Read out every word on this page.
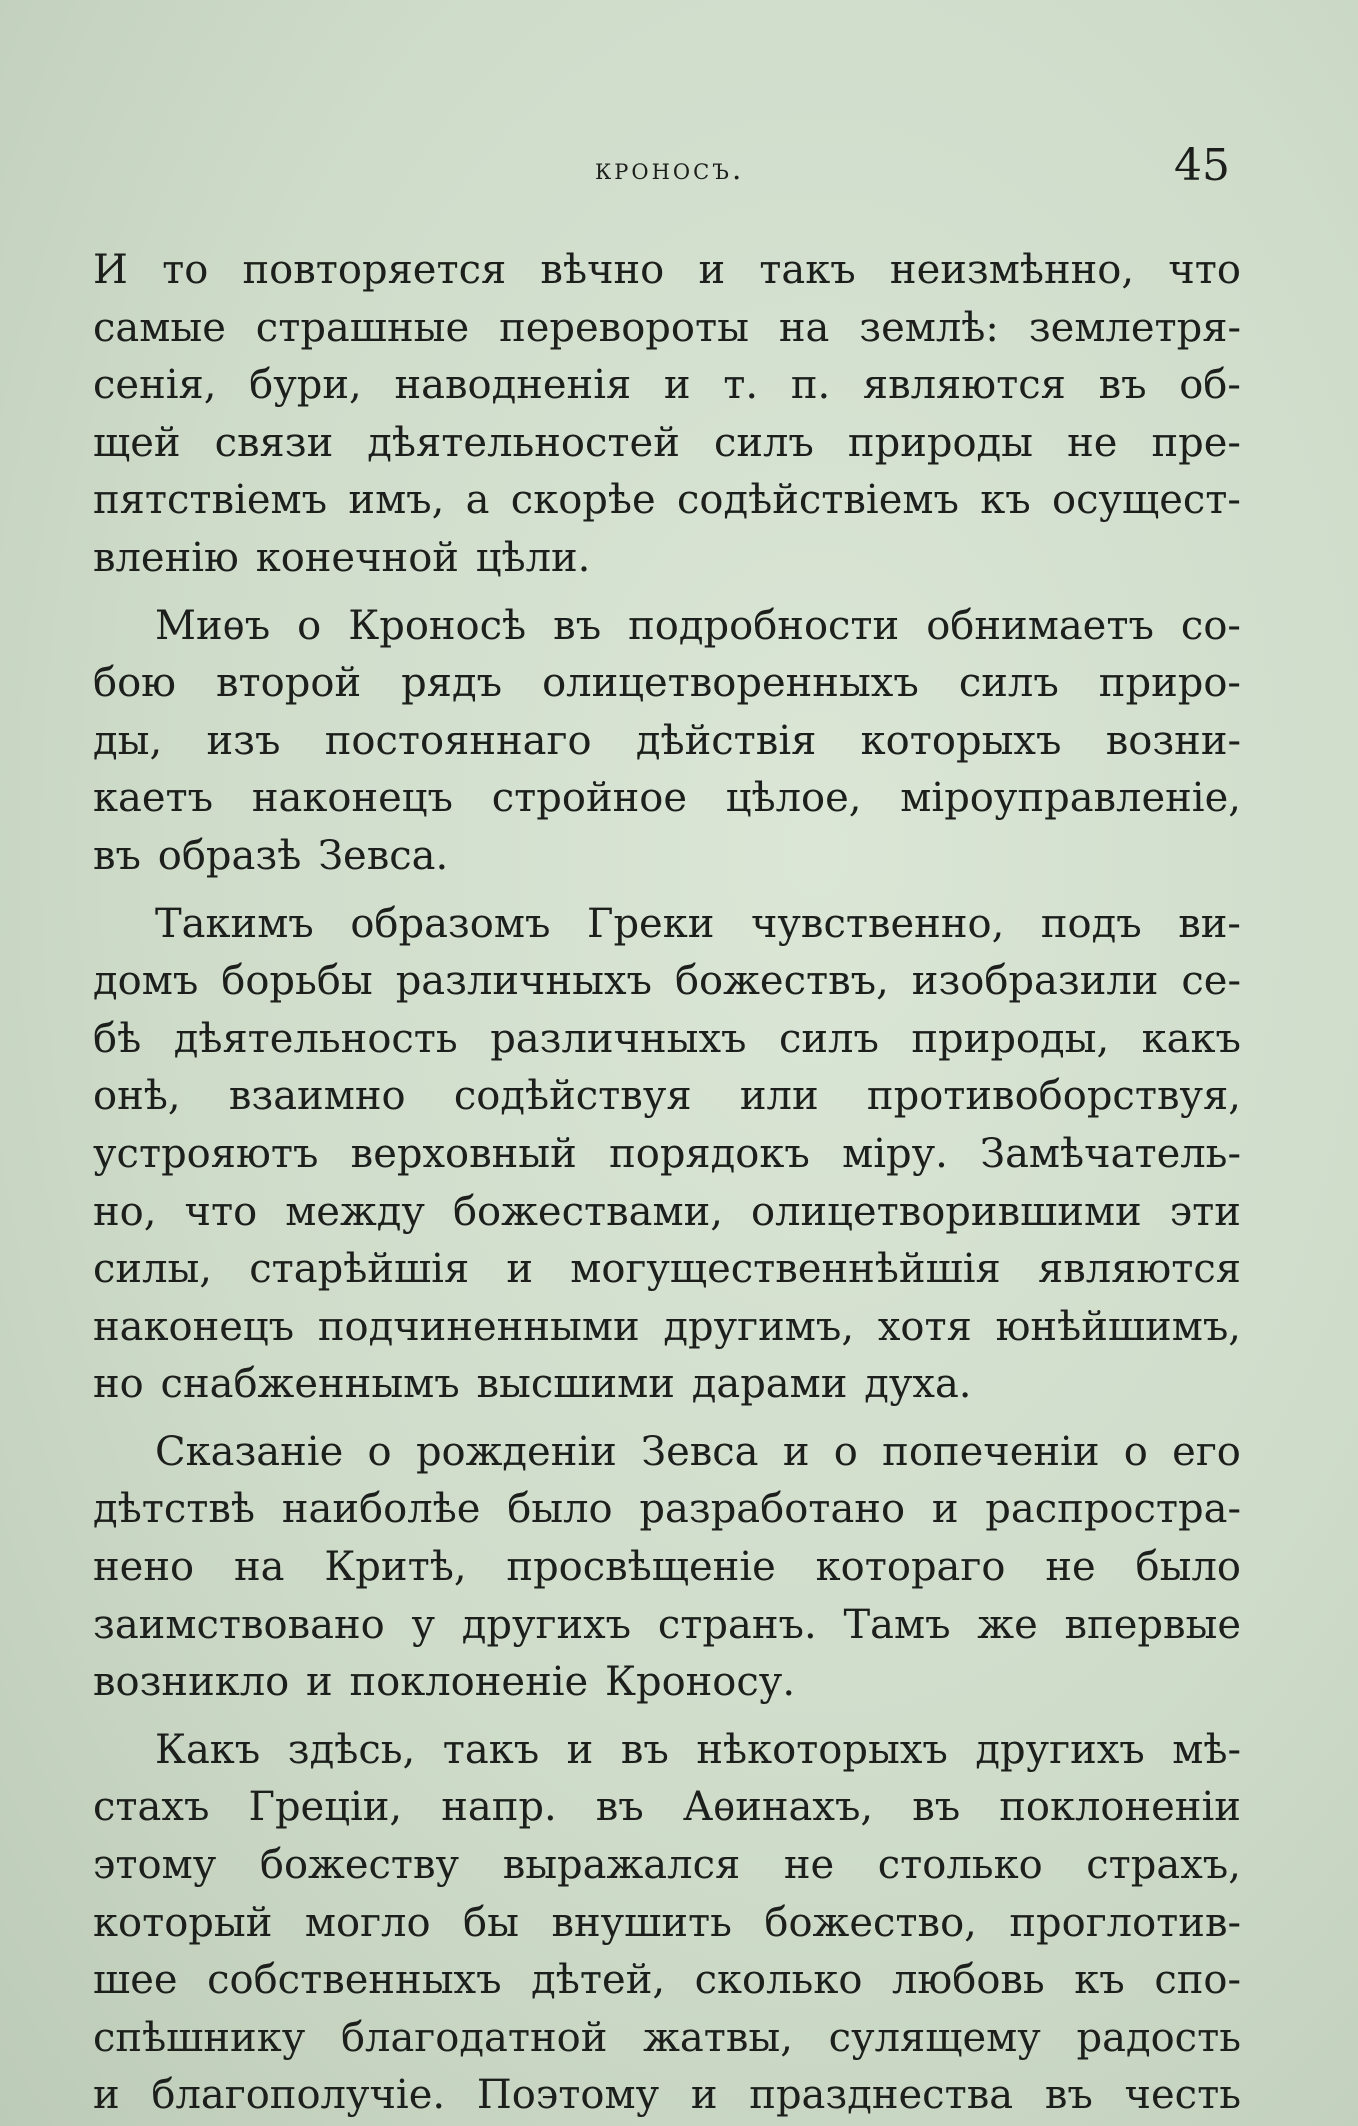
кроносъ.	45
И то повторяется вѣчно и такъ неизмѣнно, что
самые страшные перевороты на землѣ: землетря-
сенія, бури, наводненія и т. п. являются въ об-
щей связи дѣятельностей силъ природы не пре-
пятствіемъ имъ, а скорѣе содѣйствіемъ къ осущест-
вленію конечной цѣли.
Миѳъ о Кроносѣ въ подробности обнимаетъ со-
бою второй рядъ олицетворенныхъ силъ приро-
ды, изъ постояннаго дѣйствія которыхъ возни-
каетъ наконецъ стройное цѣлое, міроуправленіе,
въ образѣ Зевса.
Такимъ образомъ Греки чувственно, подъ ви-
домъ борьбы различныхъ божествъ, изобразили се-
бѣ дѣятельность различныхъ силъ природы, какъ
онѣ, взаимно содѣйствуя или противоборствуя,
устрояютъ верховный порядокъ міру. Замѣчатель-
но, что между божествами, олицетворившими эти
силы, старѣйшія и могущественнѣйшія являются
наконецъ подчиненными другимъ, хотя юнѣйшимъ,
но снабженнымъ высшими дарами духа.
Сказаніе о рожденіи Зевса и о попеченіи о его
дѣтствѣ наиболѣе было разработано и распростра-
нено на Критѣ, просвѣщеніе котораго не было
заимствовано у другихъ странъ. Тамъ же впервые
возникло и поклоненіе Кроносу.
Какъ здѣсь, такъ и въ нѣкоторыхъ другихъ мѣ-
стахъ Греціи, напр. въ Аѳинахъ, въ поклоненіи
этому божеству выражался не столько страхъ,
который могло бы внушить божество, проглотив-
шее собственныхъ дѣтей, сколько любовь къ спо-
спѣшнику благодатной жатвы, сулящему радость
и благополучіе. Поэтому и празднества въ честь
